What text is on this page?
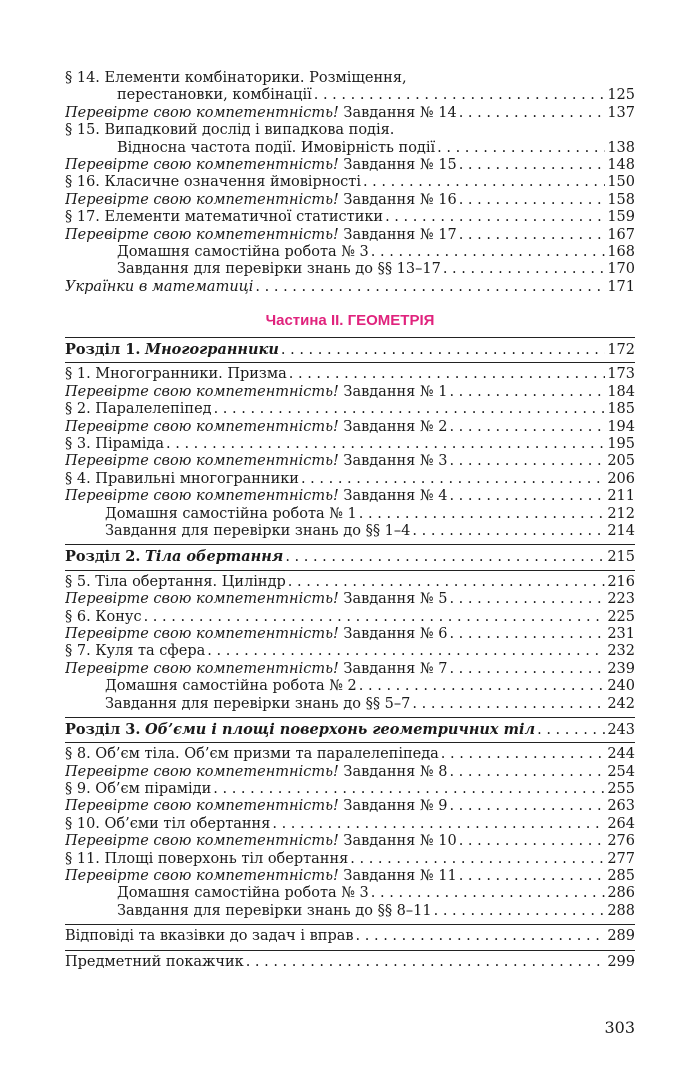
§ 14. Елементи комбінаторики. Розміщення,
перестановки, комбінації . . .	125
Перевірте свою компетентність! Завдання № 14 . . .	137
§ 15. Випадковий дослід і випадкова подія.
Відносна частота події. Ймовірність події . . .	138
Перевірте свою компетентність! Завдання № 15 . . .	148
§ 16. Класичне означення ймовірності . . .	150
Перевірте свою компетентність! Завдання № 16 . . .	158
§ 17. Елементи математичної статистики . . .	159
Перевірте свою компетентність! Завдання № 17 . . .	167
Домашня самостійна робота № 3 . . .	168
Завдання для перевірки знань до §§ 13–17 . . .	170
Українки в математиці . . .	171
Частина ІІ. ГЕОМЕТРІЯ
Розділ 1. Многогранники . . .	172
§ 1. Многогранники. Призма . . .	173
Перевірте свою компетентність! Завдання № 1 . . .	184
§ 2. Паралелепіпед . . .	185
Перевірте свою компетентність! Завдання № 2 . . .	194
§ 3. Піраміда . . .	195
Перевірте свою компетентність! Завдання № 3 . . .	205
§ 4. Правильні многогранники . . .	206
Перевірте свою компетентність! Завдання № 4 . . .	211
Домашня самостійна робота № 1 . . .	212
Завдання для перевірки знань до §§ 1–4 . . .	214
Розділ 2. Тіла обертання . . .	215
§ 5. Тіла обертання. Циліндр . . .	216
Перевірте свою компетентність! Завдання № 5 . . .	223
§ 6. Конус . . .	225
Перевірте свою компетентність! Завдання № 6 . . .	231
§ 7. Куля та сфера . . .	232
Перевірте свою компетентність! Завдання № 7 . . .	239
Домашня самостійна робота № 2 . . .	240
Завдання для перевірки знань до §§ 5–7 . . .	242
Розділ 3. Об’єми і площі поверхонь геометричних тіл . . .	243
§ 8. Об’єм тіла. Об’єм призми та паралелепіпеда . . .	244
Перевірте свою компетентність! Завдання № 8 . . .	254
§ 9. Об’єм піраміди . . .	255
Перевірте свою компетентність! Завдання № 9 . . .	263
§ 10. Об’єми тіл обертання . . .	264
Перевірте свою компетентність! Завдання № 10 . . .	276
§ 11. Площі поверхонь тіл обертання . . .	277
Перевірте свою компетентність! Завдання № 11 . . .	285
Домашня самостійна робота № 3 . . .	286
Завдання для перевірки знань до §§ 8–11 . . .	288
Відповіді та вказівки до задач і вправ . . .	289
Предметний покажчик . . .	299
303
